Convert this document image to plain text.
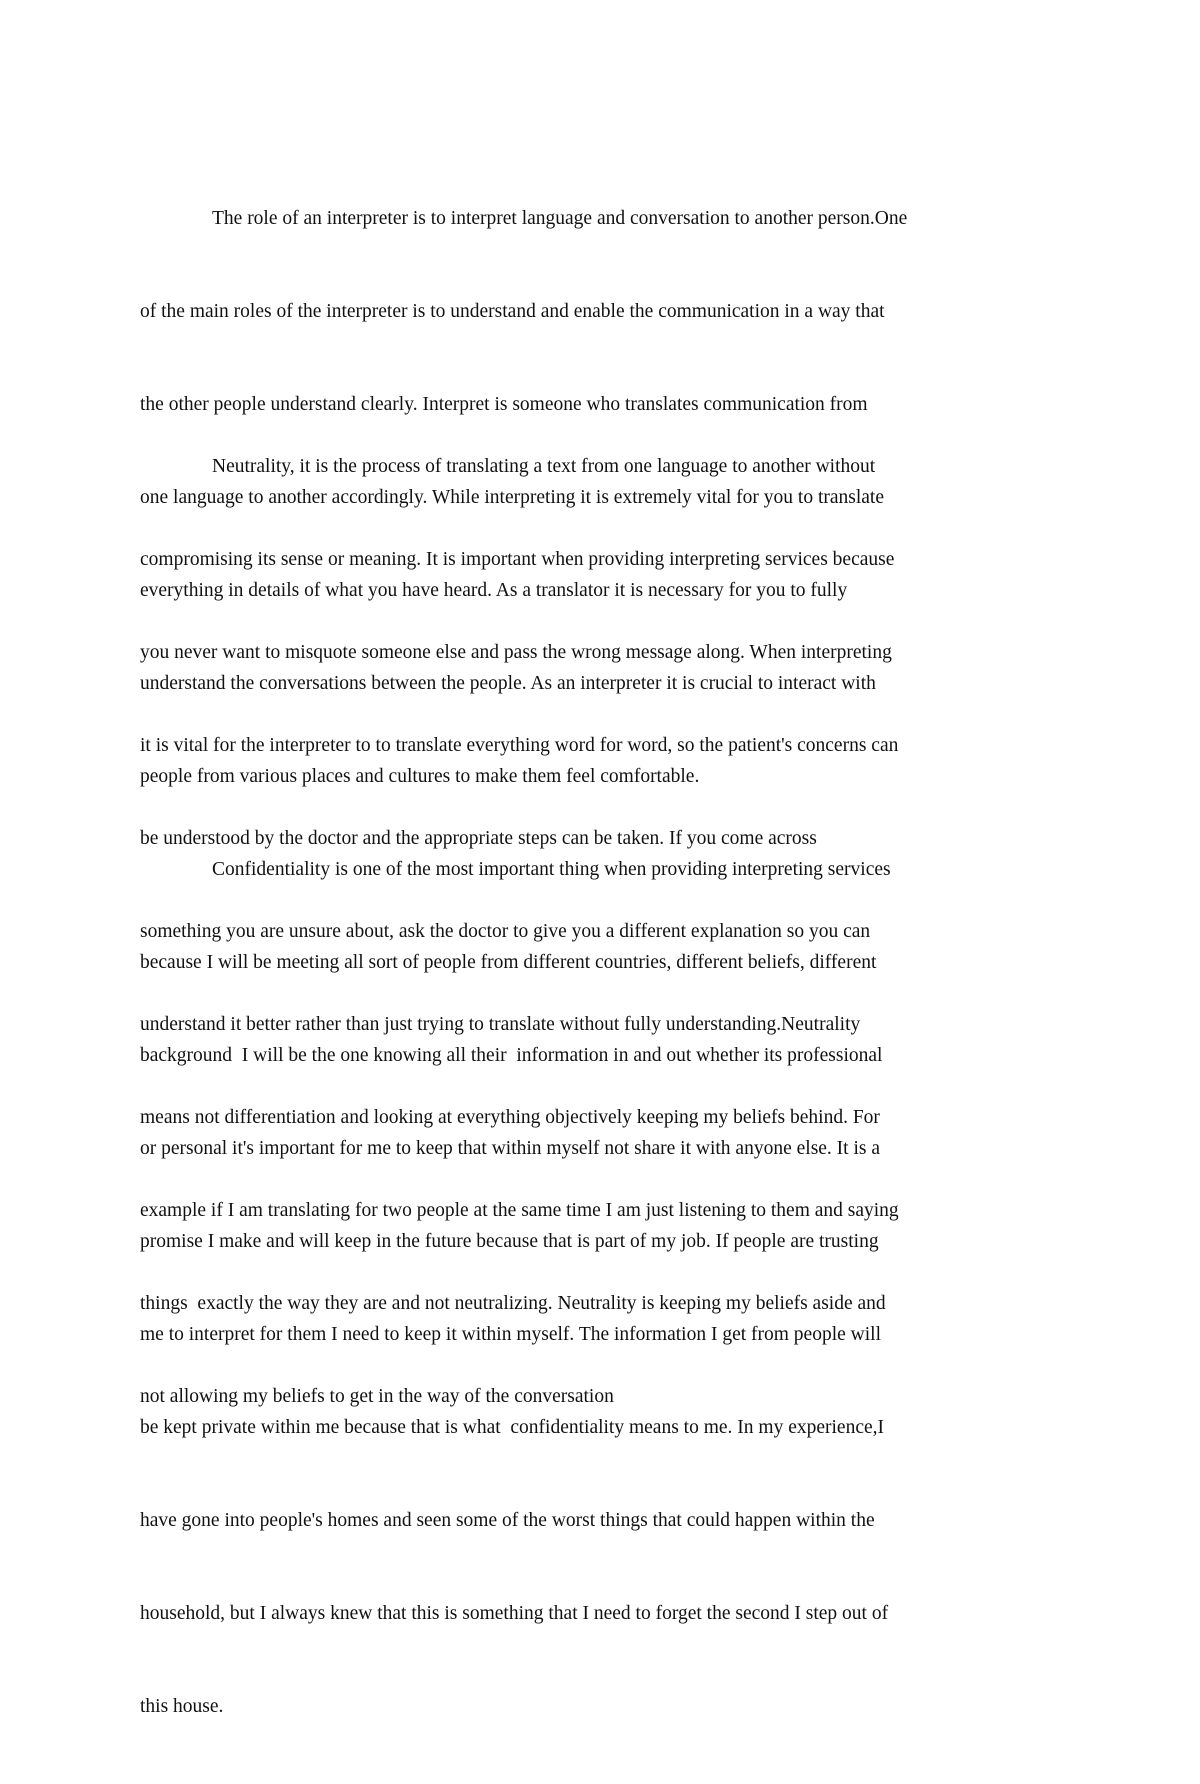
The role of an interpreter is to interpret language and conversation to another person.One

of the main roles of the interpreter is to understand and enable the communication in a way that

the other people understand clearly. Interpret is someone who translates communication from

one language to another accordingly. While interpreting it is extremely vital for you to translate

everything in details of what you have heard. As a translator it is necessary for you to fully

understand the conversations between the people. As an interpreter it is crucial to interact with

people from various places and cultures to make them feel comfortable.

Neutrality, it is the process of translating a text from one language to another without

compromising its sense or meaning. It is important when providing interpreting services because

you never want to misquote someone else and pass the wrong message along. When interpreting

it is vital for the interpreter to to translate everything word for word, so the patient's concerns can

be understood by the doctor and the appropriate steps can be taken. If you come across

something you are unsure about, ask the doctor to give you a different explanation so you can

understand it better rather than just trying to translate without fully understanding.Neutrality

means not differentiation and looking at everything objectively keeping my beliefs behind. For

example if I am translating for two people at the same time I am just listening to them and saying

things  exactly the way they are and not neutralizing. Neutrality is keeping my beliefs aside and

not allowing my beliefs to get in the way of the conversation

Confidentiality is one of the most important thing when providing interpreting services

because I will be meeting all sort of people from different countries, different beliefs, different

background  I will be the one knowing all their  information in and out whether its professional

or personal it's important for me to keep that within myself not share it with anyone else. It is a

promise I make and will keep in the future because that is part of my job. If people are trusting

me to interpret for them I need to keep it within myself. The information I get from people will

be kept private within me because that is what  confidentiality means to me. In my experience,I

have gone into people's homes and seen some of the worst things that could happen within the

household, but I always knew that this is something that I need to forget the second I step out of

this house.
